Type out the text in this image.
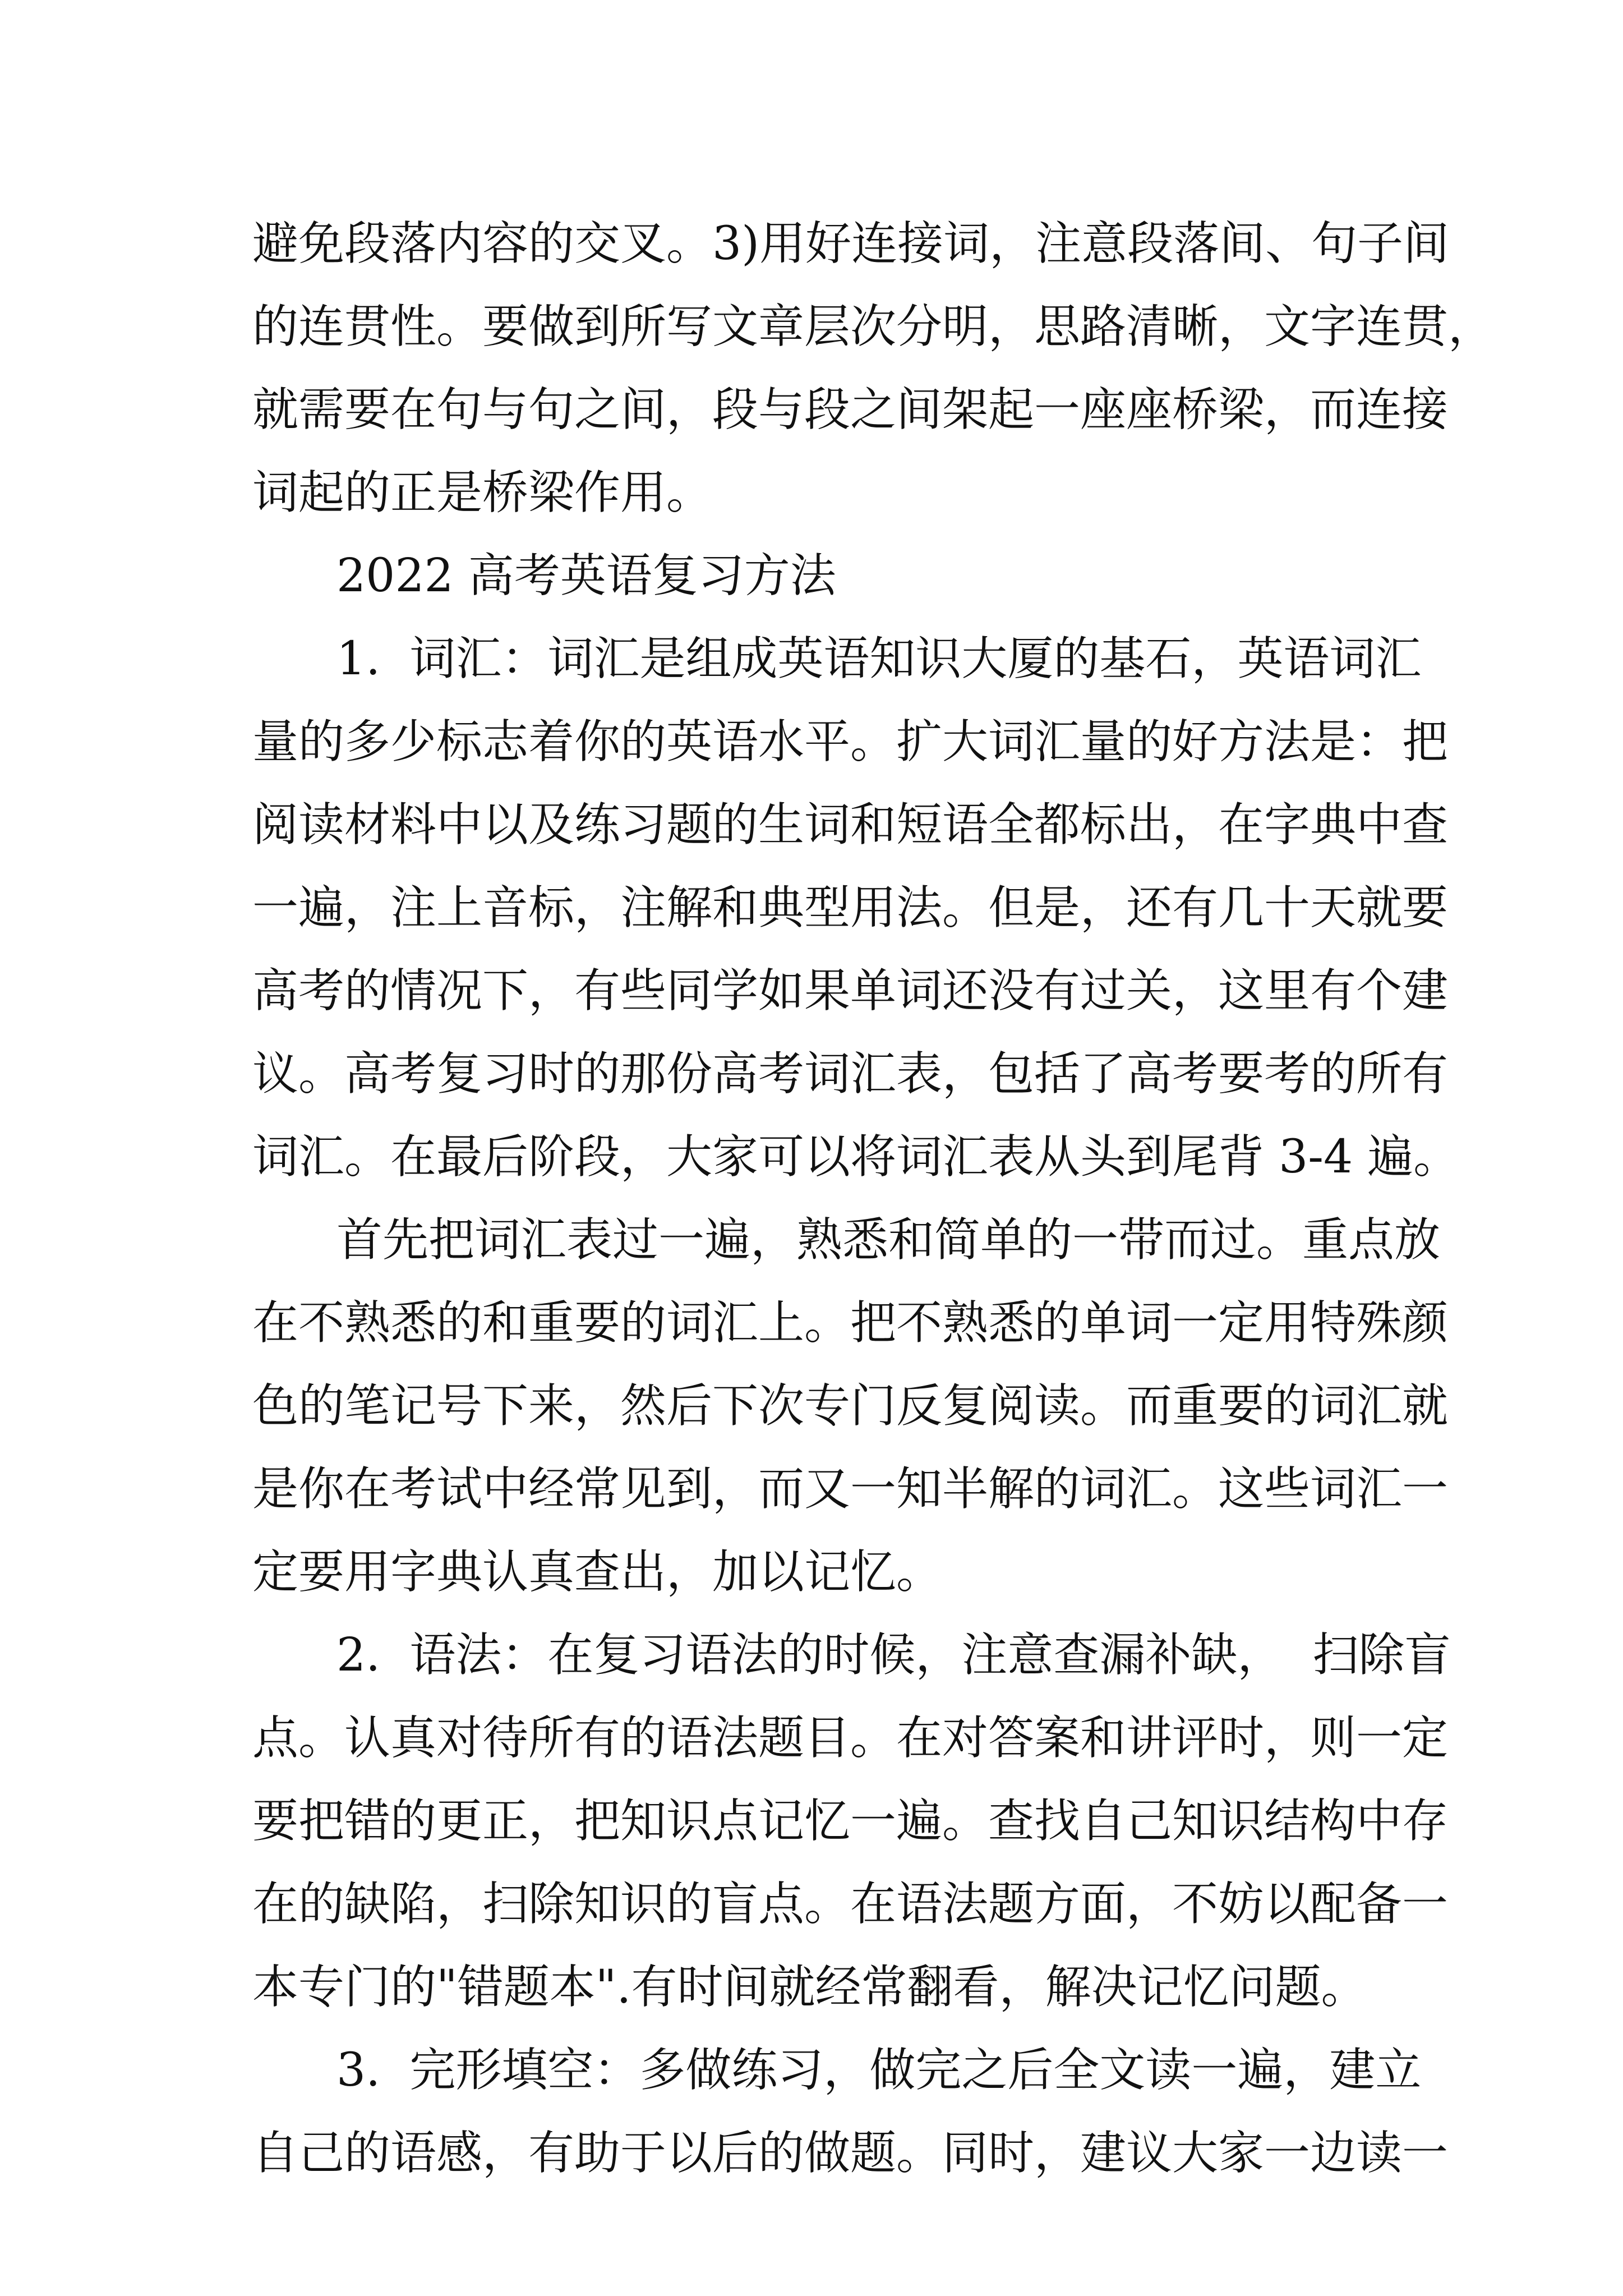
避免段落内容的交叉。3)用好连接词，注意段落间、句子间
的连贯性。要做到所写文章层次分明，思路清晰，文字连贯，
就需要在句与句之间，段与段之间架起一座座桥梁，而连接
词起的正是桥梁作用。
2022 高考英语复习方法
1.  词汇：词汇是组成英语知识大厦的基石，英语词汇
量的多少标志着你的英语水平。扩大词汇量的好方法是：把
阅读材料中以及练习题的生词和短语全都标出，在字典中查
一遍，注上音标，注解和典型用法。但是，还有几十天就要
高考的情况下，有些同学如果单词还没有过关，这里有个建
议。高考复习时的那份高考词汇表，包括了高考要考的所有
词汇。在最后阶段，大家可以将词汇表从头到尾背 3-4 遍。
首先把词汇表过一遍，熟悉和简单的一带而过。重点放
在不熟悉的和重要的词汇上。把不熟悉的单词一定用特殊颜
色的笔记号下来，然后下次专门反复阅读。而重要的词汇就
是你在考试中经常见到，而又一知半解的词汇。这些词汇一
定要用字典认真查出，加以记忆。
2.  语法：在复习语法的时候，注意查漏补缺，  扫除盲
点。认真对待所有的语法题目。在对答案和讲评时，则一定
要把错的更正，把知识点记忆一遍。查找自己知识结构中存
在的缺陷，扫除知识的盲点。在语法题方面，不妨以配备一
本专门的"错题本".有时间就经常翻看，解决记忆问题。
3.  完形填空：多做练习，做完之后全文读一遍，建立
自己的语感，有助于以后的做题。同时，建议大家一边读一
